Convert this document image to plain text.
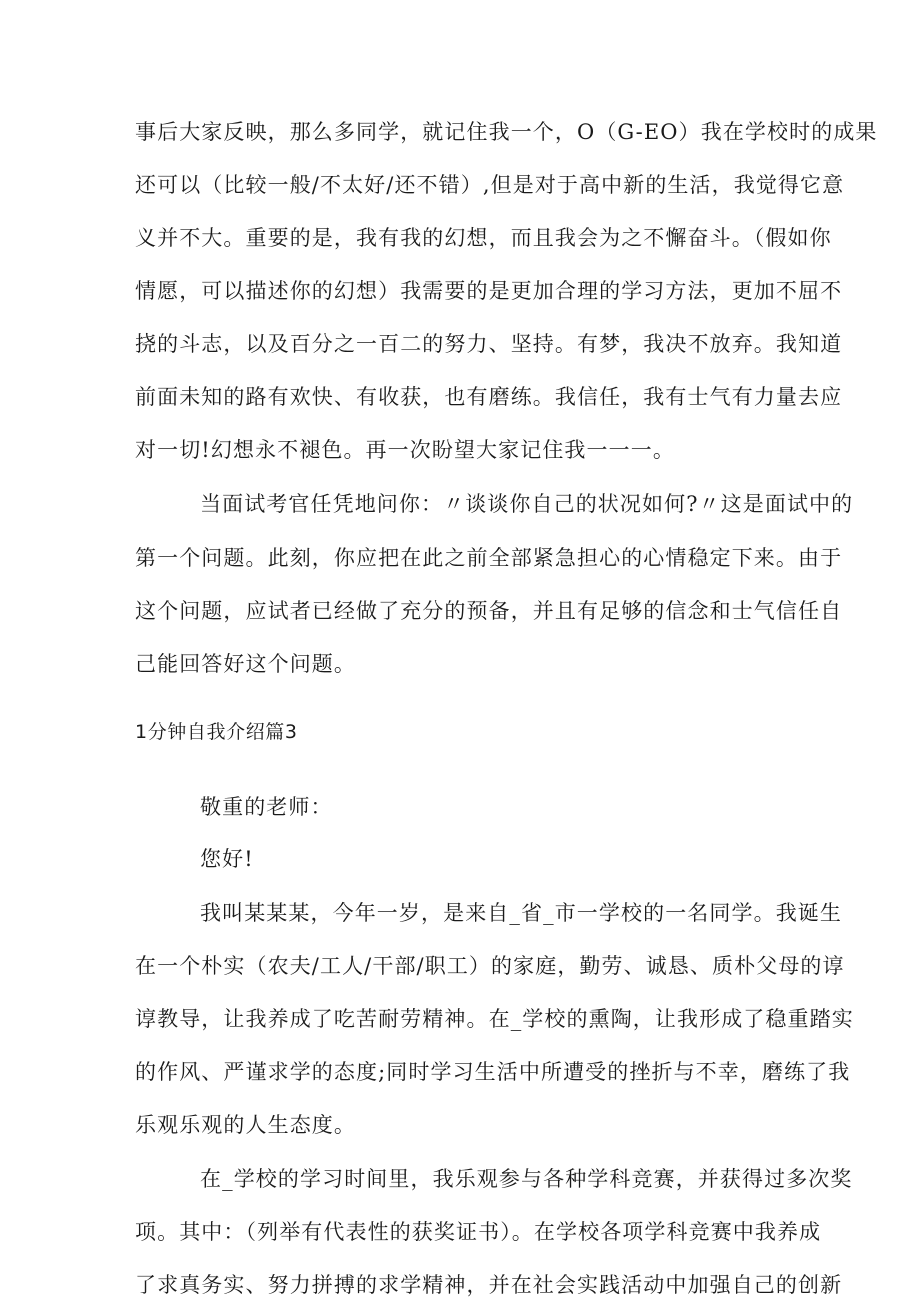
事后大家反映，那么多同学，就记住我一个，O（G-EO）我在学校时的成果
还可以（比较一般/不太好/还不错）,但是对于高中新的生活，我觉得它意
义并不大。重要的是，我有我的幻想，而且我会为之不懈奋斗。（假如你
情愿，可以描述你的幻想）我需要的是更加合理的学习方法，更加不屈不
挠的斗志，以及百分之一百二的努力、坚持。有梦，我决不放弃。我知道
前面未知的路有欢快、有收获，也有磨练。我信任，我有士气有力量去应
对一切!幻想永不褪色。再一次盼望大家记住我一一一。
当面试考官任凭地问你：〃谈谈你自己的状况如何?〃这是面试中的
第一个问题。此刻，你应把在此之前全部紧急担心的心情稳定下来。由于
这个问题，应试者已经做了充分的预备，并且有足够的信念和士气信任自
己能回答好这个问题。
1分钟自我介绍篇3
敬重的老师：
您好!
我叫某某某，今年一岁，是来自_省_市一学校的一名同学。我诞生
在一个朴实（农夫/工人/干部/职工）的家庭，勤劳、诚恳、质朴父母的谆
谆教导，让我养成了吃苦耐劳精神。在_学校的熏陶，让我形成了稳重踏实
的作风、严谨求学的态度;同时学习生活中所遭受的挫折与不幸，磨练了我
乐观乐观的人生态度。
在_学校的学习时间里，我乐观参与各种学科竞赛，并获得过多次奖
项。其中：（列举有代表性的获奖证书）。在学校各项学科竞赛中我养成
了求真务实、努力拼搏的求学精神，并在社会实践活动中加强自己的创新
